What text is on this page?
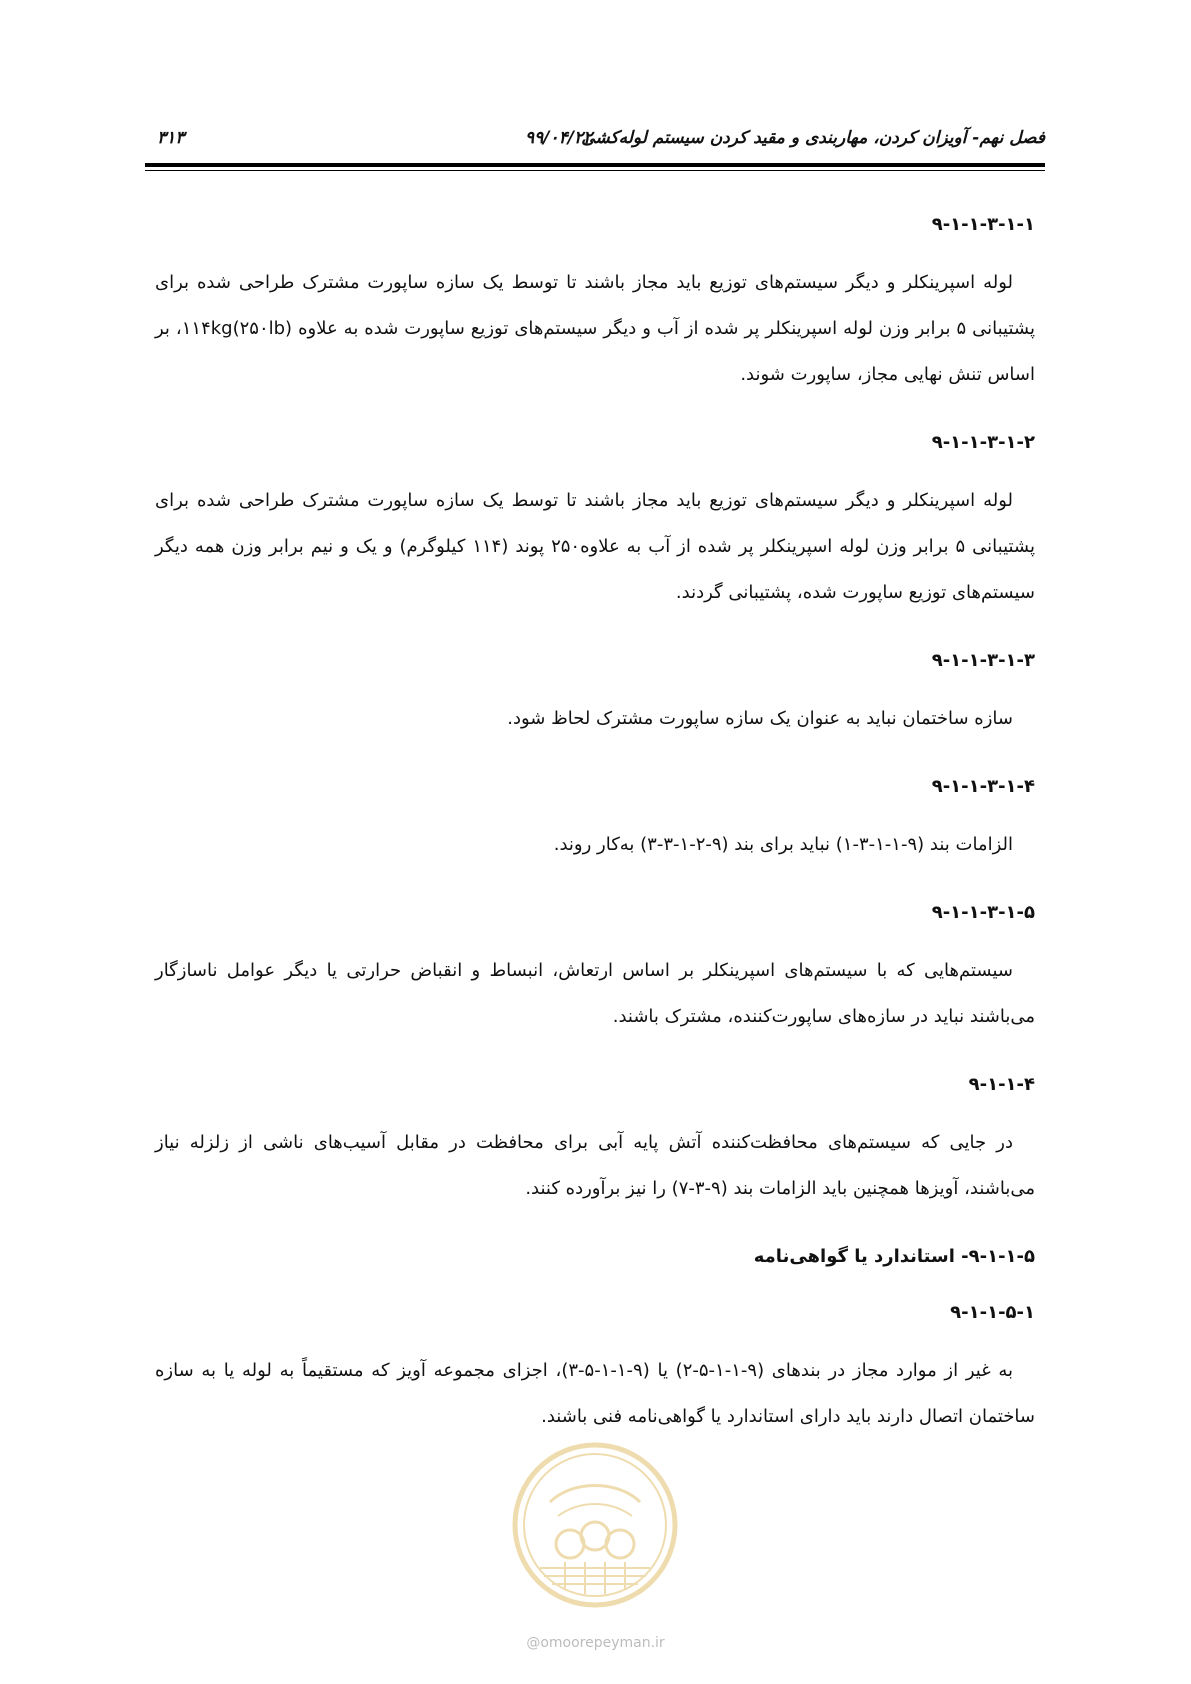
فصل نهم- آویزان کردن، مهاربندی و مقید کردن سیستم لوله‌کشی
۹۹/۰۴/۲۲
۳۱۳
۹-۱-۱-۳-۱-۱

لوله اسپرینکلر و دیگر سیستم‌های توزیع باید مجاز باشند تا توسط یک سازه ساپورت مشترک طراحی شده برای پشتیبانی ۵ برابر وزن لوله اسپرینکلر پر شده از آب و دیگر سیستم‌های توزیع ساپورت شده به علاوه ۱۱۴kg(۲۵۰lb)، بر اساس تنش نهایی مجاز، ساپورت شوند.

۹-۱-۱-۳-۱-۲

لوله اسپرینکلر و دیگر سیستم‌های توزیع باید مجاز باشند تا توسط یک سازه ساپورت مشترک طراحی شده برای پشتیبانی ۵ برابر وزن لوله اسپرینکلر پر شده از آب به علاوه۲۵۰ پوند (۱۱۴ کیلوگرم) و یک و نیم برابر وزن همه دیگر سیستم‌های توزیع ساپورت شده، پشتیبانی گردند.

۹-۱-۱-۳-۱-۳

سازه ساختمان نباید به عنوان یک سازه ساپورت مشترک لحاظ شود.

۹-۱-۱-۳-۱-۴

الزامات بند (۹-۱-۱-۳-۱) نباید برای بند (۹-۲-۱-۳-۳) به‌کار روند.

۹-۱-۱-۳-۱-۵

سیستم‌هایی که با سیستم‌های اسپرینکلر بر اساس ارتعاش، انبساط و انقباض حرارتی یا دیگر عوامل ناسازگار می‌باشند نباید در سازه‌های ساپورت‌کننده، مشترک باشند.

۹-۱-۱-۴

در جایی که سیستم‌های محافظت‌کننده آتش پایه آبی برای محافظت در مقابل آسیب‌های ناشی از زلزله نیاز می‌باشند، آویزها همچنین باید الزامات بند (۹-۳-۷) را نیز برآورده کنند.

۹-۱-۱-۵- استاندارد یا گواهی‌نامه
۹-۱-۱-۵-۱

به غیر از موارد مجاز در بندهای (۹-۱-۱-۵-۲) یا (۹-۱-۱-۵-۳)، اجزای مجموعه آویز که مستقیماً به لوله یا به سازه ساختمان اتصال دارند باید دارای استاندارد یا گواهی‌نامه فنی باشند.

@omoorepeyman.ir
